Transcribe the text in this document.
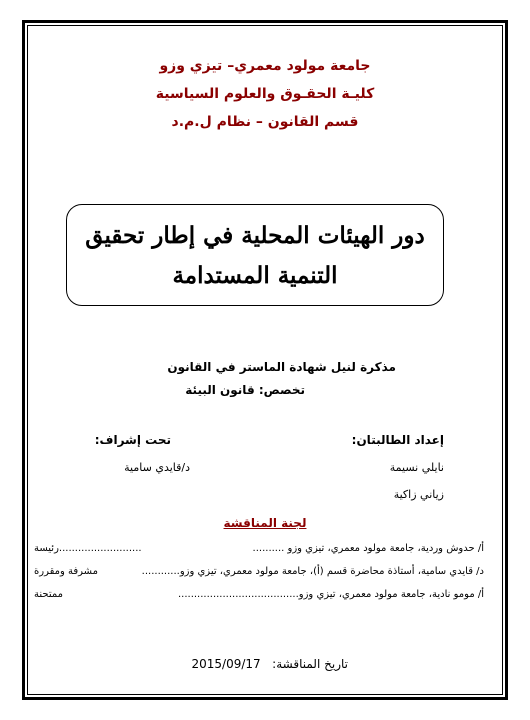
جامعة مولود معمري– تيزي وزو
كليـة الحقـوق والعلوم السياسية
قسم القانون – نظام ل.م.د
دور الهيئات المحلية في إطار تحقيق
التنمية المستدامة
مذكرة لنيل شهادة الماستر في القانون
تخصص: قانون البيئة
إعداد الطالبتان:
تحت إشراف:
نايلي نسيمة
د/قايدي سامية
زياني زاكية
لجنة المناقشة
أ/ حدوش وردية، جامعة مولود معمري، تيزي وزو ..........
..........................رئيسة
د/ قايدي سامية، أستاذة محاضرة قسم (أ)، جامعة مولود معمري، تيزي وزو............
مشرفة ومقررة
أ/ مومو نادية، جامعة مولود معمري، تيزي وزو......................................
ممتحنة
تاريخ المناقشة:   2015/09/17
